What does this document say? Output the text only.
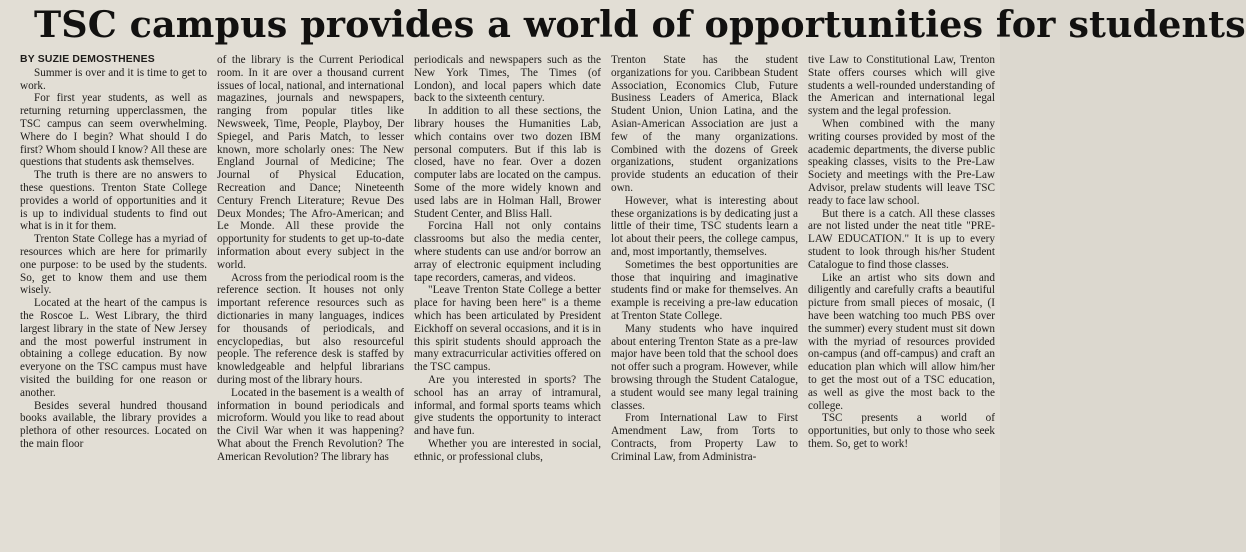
TSC campus provides a world of opportunities for students

BY SUZIE DEMOSTHENES

Summer is over and it is time to get to work.

For first year students, as well as returning returning upperclassmen, the TSC campus can seem overwhelming. Where do I begin? What should I do first? Whom should I know? All these are questions that students ask themselves.

The truth is there are no answers to these questions. Trenton State College provides a world of opportunities and it is up to individual students to find out what is in it for them.

Trenton State College has a myriad of resources which are here for primarily one purpose: to be used by the students. So, get to know them and use them wisely.

Located at the heart of the campus is the Roscoe L. West Library, the third largest library in the state of New Jersey and the most powerful instrument in obtaining a college education. By now everyone on the TSC campus must have visited the building for one reason or another.

Besides several hundred thousand books available, the library provides a plethora of other resources. Located on the main floor

of the library is the Current Periodical room. In it are over a thousand current issues of local, national, and international magazines, journals and newspapers, ranging from popular titles like Newsweek, Time, People, Playboy, Der Spiegel, and Paris Match, to lesser known, more scholarly ones: The New England Journal of Medicine; The Journal of Physical Education, Recreation and Dance; Nineteenth Century French Literature; Revue Des Deux Mondes; The Afro-American; and Le Monde. All these provide the opportunity for students to get up-to-date information about every subject in the world.

Across from the periodical room is the reference section. It houses not only important reference resources such as dictionaries in many languages, indices for thousands of periodicals, and encyclopedias, but also resourceful people. The reference desk is staffed by knowledgeable and helpful librarians during most of the library hours.

Located in the basement is a wealth of information in bound periodicals and microform. Would you like to read about the Civil War when it was happening? What about the French Revolution? The American Revolution? The library has

periodicals and newspapers such as the New York Times, The Times (of London), and local papers which date back to the sixteenth century.

In addition to all these sections, the library houses the Humanities Lab, which contains over two dozen IBM personal computers. But if this lab is closed, have no fear. Over a dozen computer labs are located on the campus. Some of the more widely known and used labs are in Holman Hall, Brower Student Center, and Bliss Hall.

Forcina Hall not only contains classrooms but also the media center, where students can use and/or borrow an array of electronic equipment including tape recorders, cameras, and videos.

"Leave Trenton State College a better place for having been here" is a theme which has been articulated by President Eickhoff on several occasions, and it is in this spirit students should approach the many extracurricular activities offered on the TSC campus.

Are you interested in sports? The school has an array of intramural, informal, and formal sports teams which give students the opportunity to interact and have fun.

Whether you are interested in social, ethnic, or professional clubs,

Trenton State has the student organizations for you. Caribbean Student Association, Economics Club, Future Business Leaders of America, Black Student Union, Union Latina, and the Asian-American Association are just a few of the many organizations. Combined with the dozens of Greek organizations, student organizations provide students an education of their own.

However, what is interesting about these organizations is by dedicating just a little of their time, TSC students learn a lot about their peers, the college campus, and, most importantly, themselves.

Sometimes the best opportunities are those that inquiring and imaginative students find or make for themselves. An example is receiving a pre-law education at Trenton State College.

Many students who have inquired about entering Trenton State as a pre-law major have been told that the school does not offer such a program. However, while browsing through the Student Catalogue, a student would see many legal training classes.

From International Law to First Amendment Law, from Torts to Contracts, from Property Law to Criminal Law, from Administra-

tive Law to Constitutional Law, Trenton State offers courses which will give students a well-rounded understanding of the American and international legal system and the legal profession.

When combined with the many writing courses provided by most of the academic departments, the diverse public speaking classes, visits to the Pre-Law Society and meetings with the Pre-Law Advisor, prelaw students will leave TSC ready to face law school.

But there is a catch. All these classes are not listed under the neat title "PRE-LAW EDUCATION." It is up to every student to look through his/her Student Catalogue to find those classes.

Like an artist who sits down and diligently and carefully crafts a beautiful picture from small pieces of mosaic, (I have been watching too much PBS over the summer) every student must sit down with the myriad of resources provided on-campus (and off-campus) and craft an education plan which will allow him/her to get the most out of a TSC education, as well as give the most back to the college.

TSC presents a world of opportunities, but only to those who seek them. So, get to work!
